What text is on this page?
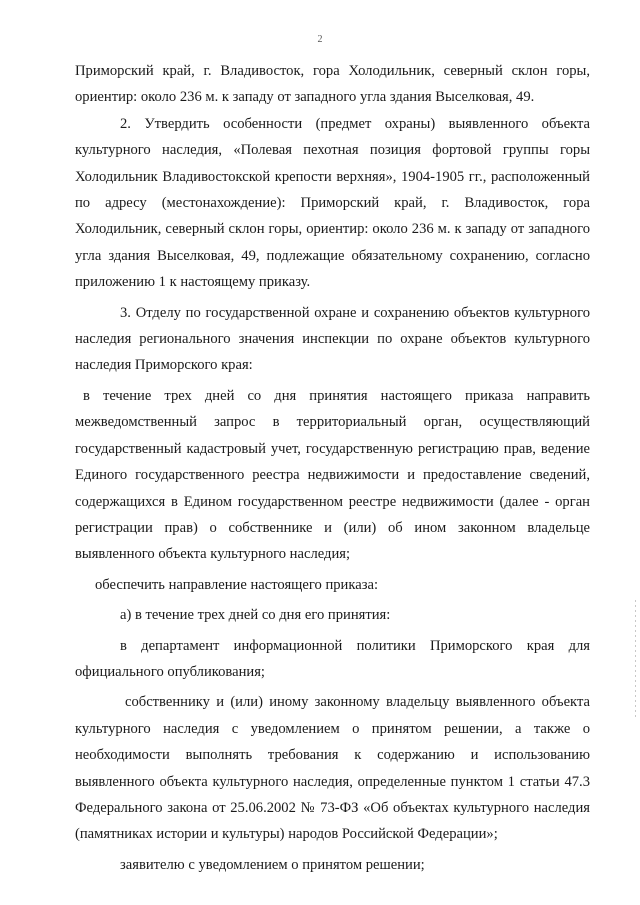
2

Приморский край, г. Владивосток, гора Холодильник, северный склон горы, ориентир: около 236 м. к западу от западного угла здания Выселковая, 49.

2. Утвердить особенности (предмет охраны) выявленного объекта культурного наследия, «Полевая пехотная позиция фортовой группы горы Холодильник Владивостокской крепости верхняя», 1904-1905 гг., расположенный по адресу (местонахождение): Приморский край, г. Владивосток, гора Холодильник, северный склон горы, ориентир: около 236 м. к западу от западного угла здания Выселковая, 49, подлежащие обязательному сохранению, согласно приложению 1 к настоящему приказу.

3. Отделу по государственной охране и сохранению объектов культурного наследия регионального значения инспекции по охране объектов культурного наследия Приморского края:

в течение трех дней со дня принятия настоящего приказа направить межведомственный запрос в территориальный орган, осуществляющий государственный кадастровый учет, государственную регистрацию прав, ведение Единого государственного реестра недвижимости и предоставление сведений, содержащихся в Едином государственном реестре недвижимости (далее - орган регистрации прав) о собственнике и (или) об ином законном владельце выявленного объекта культурного наследия;

обеспечить направление настоящего приказа:

а) в течение трех дней со дня его принятия:

в департамент информационной политики Приморского края для официального опубликования;

собственнику и (или) иному законному владельцу выявленного объекта культурного наследия с уведомлением о принятом решении, а также о необходимости выполнять требования к содержанию и использованию выявленного объекта культурного наследия, определенные пунктом 1 статьи 47.3 Федерального закона от 25.06.2002 № 73-ФЗ «Об объектах культурного наследия (памятниках истории и культуры) народов Российской Федерации»;

заявителю с уведомлением о принятом решении;
